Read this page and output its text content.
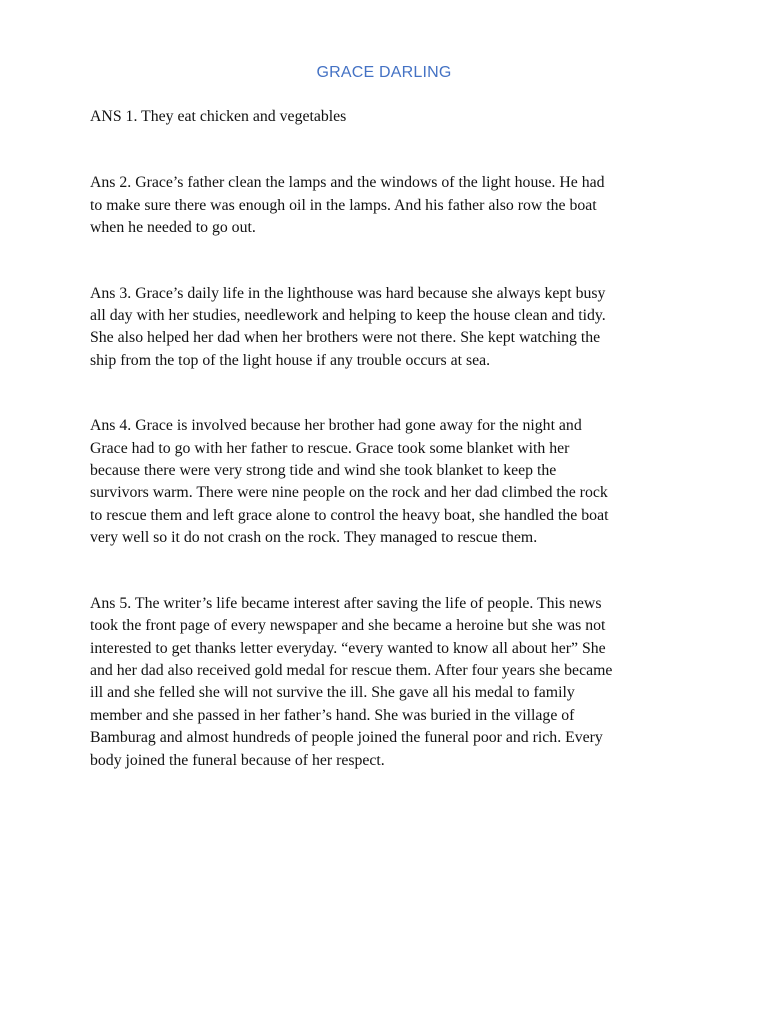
GRACE DARLING

ANS 1. They eat chicken and vegetables

Ans 2. Grace’s father clean the lamps and the windows of the light house. He had
to make sure there was enough oil in the lamps. And his father also row the boat
when he needed to go out.

Ans 3. Grace’s daily life in the lighthouse was hard because she always kept busy
all day with her studies, needlework and helping to keep the house clean and tidy.
She also helped her dad when her brothers were not there. She kept watching the
ship from the top of the light house if any trouble occurs at sea.

Ans 4. Grace is involved because her brother had gone away for the night and
Grace had to go with her father to rescue. Grace took some blanket with her
because there were very strong tide and wind she took blanket to keep the
survivors warm. There were nine people on the rock and her dad climbed the rock
to rescue them and left grace alone to control the heavy boat, she handled the boat
very well so it do not crash on the rock. They managed to rescue them.

Ans 5. The writer’s life became interest after saving the life of people. This news
took the front page of every newspaper and she became a heroine but she was not
interested to get thanks letter everyday. “every wanted to know all about her” She
and her dad also received gold medal for rescue them. After four years she became
ill and she felled she will not survive the ill. She gave all his medal to family
member and she passed in her father’s hand. She was buried in the village of
Bamburag and almost hundreds of people joined the funeral poor and rich. Every
body joined the funeral because of her respect.
